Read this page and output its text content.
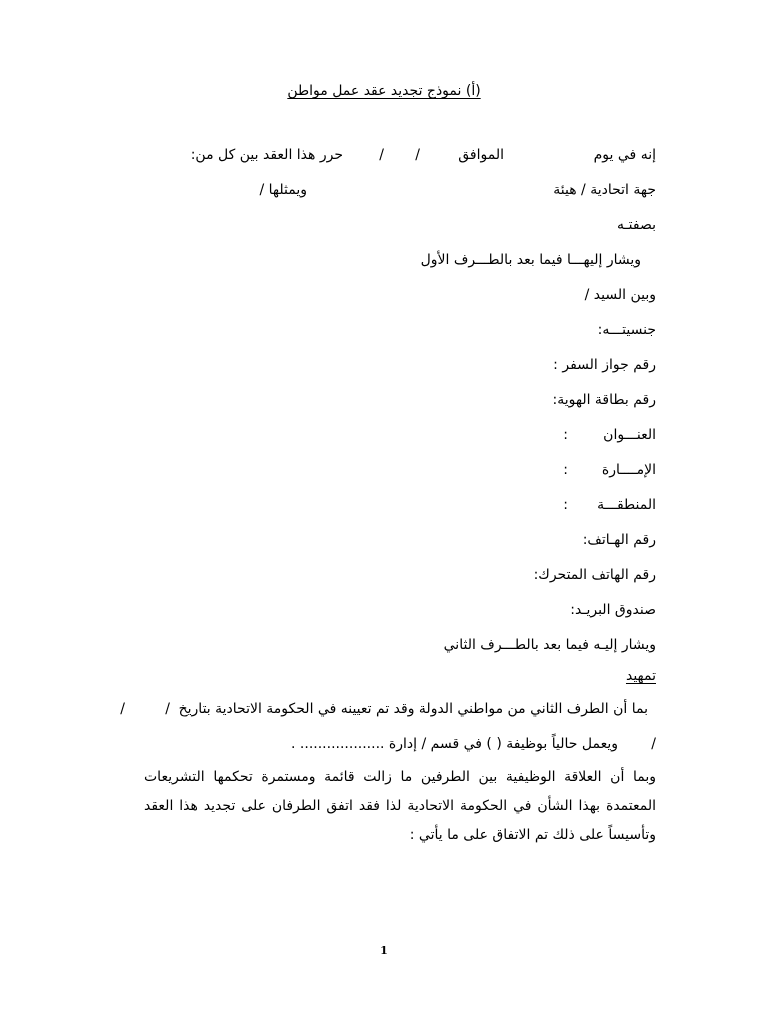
(أ) نموذج تجديد عقد عمل مواطن
إنه في يوم
الموافق
/
/
حرر هذا العقد بين كل من:
جهة اتحادية / هيئة
ويمثلها /
بصفتـه
ويشار إليهـــا فيما بعد بالطـــرف الأول
وبين السيد /
جنسيتـــه:
رقم جواز السفر :
رقم بطاقة الهوية:
العنـــوان
:
الإمــــارة
:
المنطقـــة
:
رقم الهـاتف:
رقم الهاتف المتحرك:
صندوق البريـد:
ويشار إليـه فيما بعد بالطـــرف الثاني
تمهيد
بما أن الطرف الثاني من مواطني الدولة وقد تم تعيينه في الحكومة الاتحادية بتاريخ
/
/
/
ويعمل حالياً بوظيفة ( ) في قسم / إدارة ................... .
وبما أن العلاقة الوظيفية بين الطرفين ما زالت قائمة ومستمرة تحكمها التشريعات المعتمدة بهذا الشأن في الحكومة الاتحادية لذا فقد اتفق الطرفان على تجديد هذا العقد وتأسيساً على ذلك تم الاتفاق على ما يأتي :
1
